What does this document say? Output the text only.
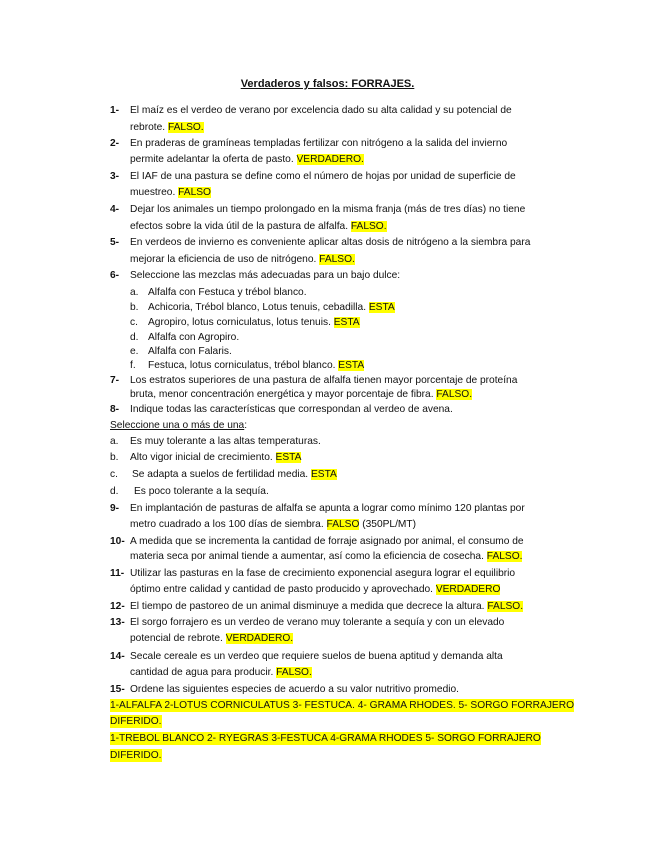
Verdaderos y falsos: FORRAJES.
1- El maíz es el verdeo de verano por excelencia dado su alta calidad y su potencial de
rebrote. FALSO.
2- En praderas de gramíneas templadas fertilizar con nitrógeno a la salida del invierno
permite adelantar la oferta de pasto. VERDADERO.
3- El IAF de una pastura se define como el número de hojas por unidad de superficie de
muestreo. FALSO
4- Dejar los animales un tiempo prolongado en la misma franja (más de tres días) no tiene
efectos sobre la vida útil de la pastura de alfalfa. FALSO.
5- En verdeos de invierno es conveniente aplicar altas dosis de nitrógeno a la siembra para
mejorar la eficiencia de uso de nitrógeno. FALSO.
6- Seleccione las mezclas más adecuadas para un bajo dulce:
a. Alfalfa con Festuca y trébol blanco.
b. Achicoria, Trébol blanco, Lotus tenuis, cebadilla. ESTA
c. Agropiro, lotus corniculatus, lotus tenuis. ESTA
d. Alfalfa con Agropiro.
e. Alfalfa con Falaris.
f. Festuca, lotus corniculatus, trébol blanco. ESTA
7- Los estratos superiores de una pastura de alfalfa tienen mayor porcentaje de proteína
bruta, menor concentración energética y mayor porcentaje de fibra. FALSO.
8- Indique todas las características que correspondan al verdeo de avena.
Seleccione una o más de una:
a. Es muy tolerante a las altas temperaturas.
b. Alto vigor inicial de crecimiento. ESTA
c. Se adapta a suelos de fertilidad media. ESTA
d. Es poco tolerante a la sequía.
9- En implantación de pasturas de alfalfa se apunta a lograr como mínimo 120 plantas por
metro cuadrado a los 100 días de siembra. FALSO (350PL/MT)
10- A medida que se incrementa la cantidad de forraje asignado por animal, el consumo de
materia seca por animal tiende a aumentar, así como la eficiencia de cosecha. FALSO.
11- Utilizar las pasturas en la fase de crecimiento exponencial asegura lograr el equilibrio
óptimo entre calidad y cantidad de pasto producido y aprovechado. VERDADERO
12- El tiempo de pastoreo de un animal disminuye a medida que decrece la altura. FALSO.
13- El sorgo forrajero es un verdeo de verano muy tolerante a sequía y con un elevado
potencial de rebrote. VERDADERO.
14- Secale cereale es un verdeo que requiere suelos de buena aptitud y demanda alta
cantidad de agua para producir. FALSO.
15- Ordene las siguientes especies de acuerdo a su valor nutritivo promedio.
1-ALFALFA 2-LOTUS CORNICULATUS 3- FESTUCA. 4- GRAMA RHODES. 5- SORGO FORRAJERO
DIFERIDO.
1-TREBOL BLANCO 2- RYEGRAS 3-FESTUCA 4-GRAMA RHODES 5- SORGO FORRAJERO
DIFERIDO.
